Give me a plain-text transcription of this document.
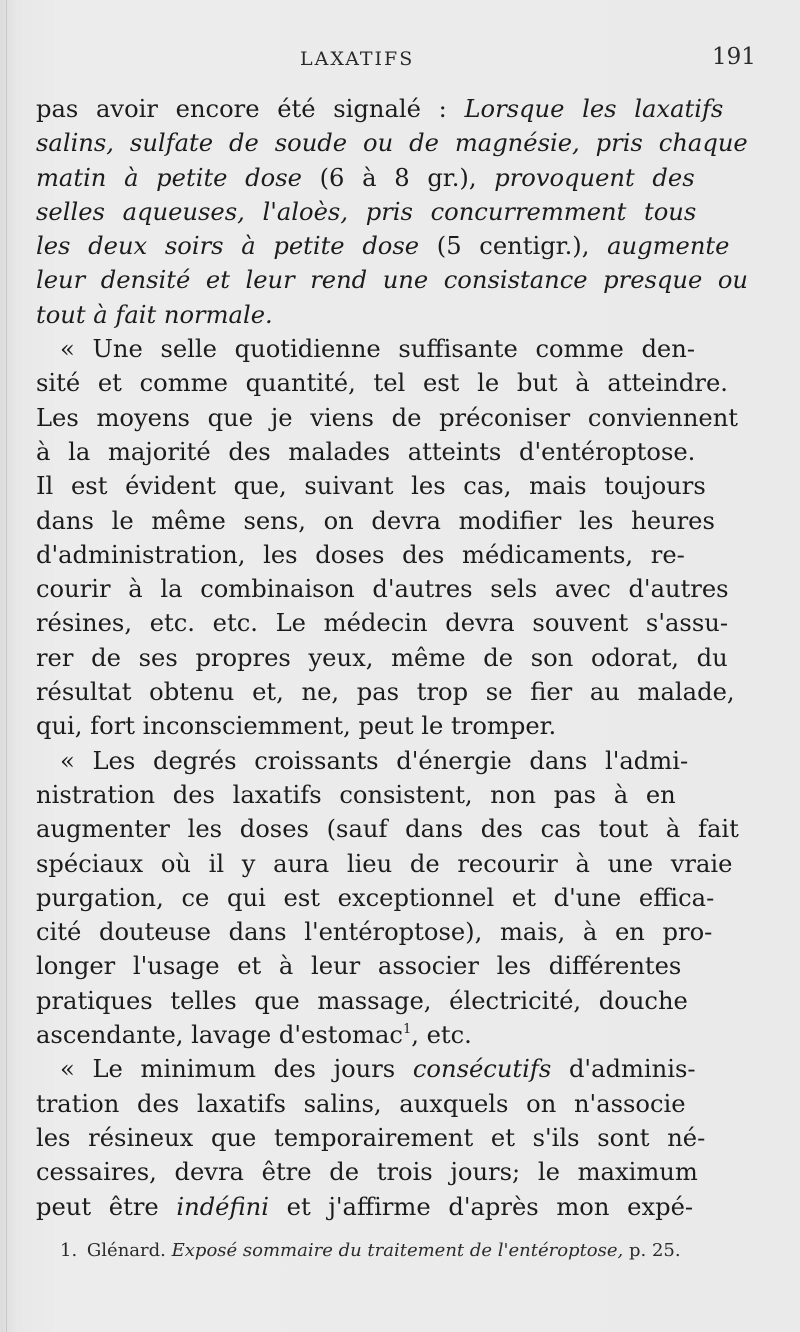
LAXATIFS	191
pas avoir encore été signalé : Lorsque les laxatifs
salins, sulfate de soude ou de magnésie, pris chaque
matin à petite dose (6 à 8 gr.), provoquent des
selles aqueuses, l'aloès, pris concurremment tous
les deux soirs à petite dose (5 centigr.), augmente
leur densité et leur rend une consistance presque ou
tout à fait normale.
« Une selle quotidienne suffisante comme den-
sité et comme quantité, tel est le but à atteindre.
Les moyens que je viens de préconiser conviennent
à la majorité des malades atteints d'entéroptose.
Il est évident que, suivant les cas, mais toujours
dans le même sens, on devra modifier les heures
d'administration, les doses des médicaments, re-
courir à la combinaison d'autres sels avec d'autres
résines, etc. etc. Le médecin devra souvent s'assu-
rer de ses propres yeux, même de son odorat, du
résultat obtenu et, ne, pas trop se fier au malade,
qui, fort inconsciemment, peut le tromper.
« Les degrés croissants d'énergie dans l'admi-
nistration des laxatifs consistent, non pas à en
augmenter les doses (sauf dans des cas tout à fait
spéciaux où il y aura lieu de recourir à une vraie
purgation, ce qui est exceptionnel et d'une effica-
cité douteuse dans l'entéroptose), mais, à en pro-
longer l'usage et à leur associer les différentes
pratiques telles que massage, électricité, douche
ascendante, lavage d'estomac$^1$, etc.
« Le minimum des jours consécutifs d'adminis-
tration des laxatifs salins, auxquels on n'associe
les résineux que temporairement et s'ils sont né-
cessaires, devra être de trois jours; le maximum
peut être indéfini et j'affirme d'après mon expé-
1. Glénard. Exposé sommaire du traitement de l'entéroptose, p. 25.
